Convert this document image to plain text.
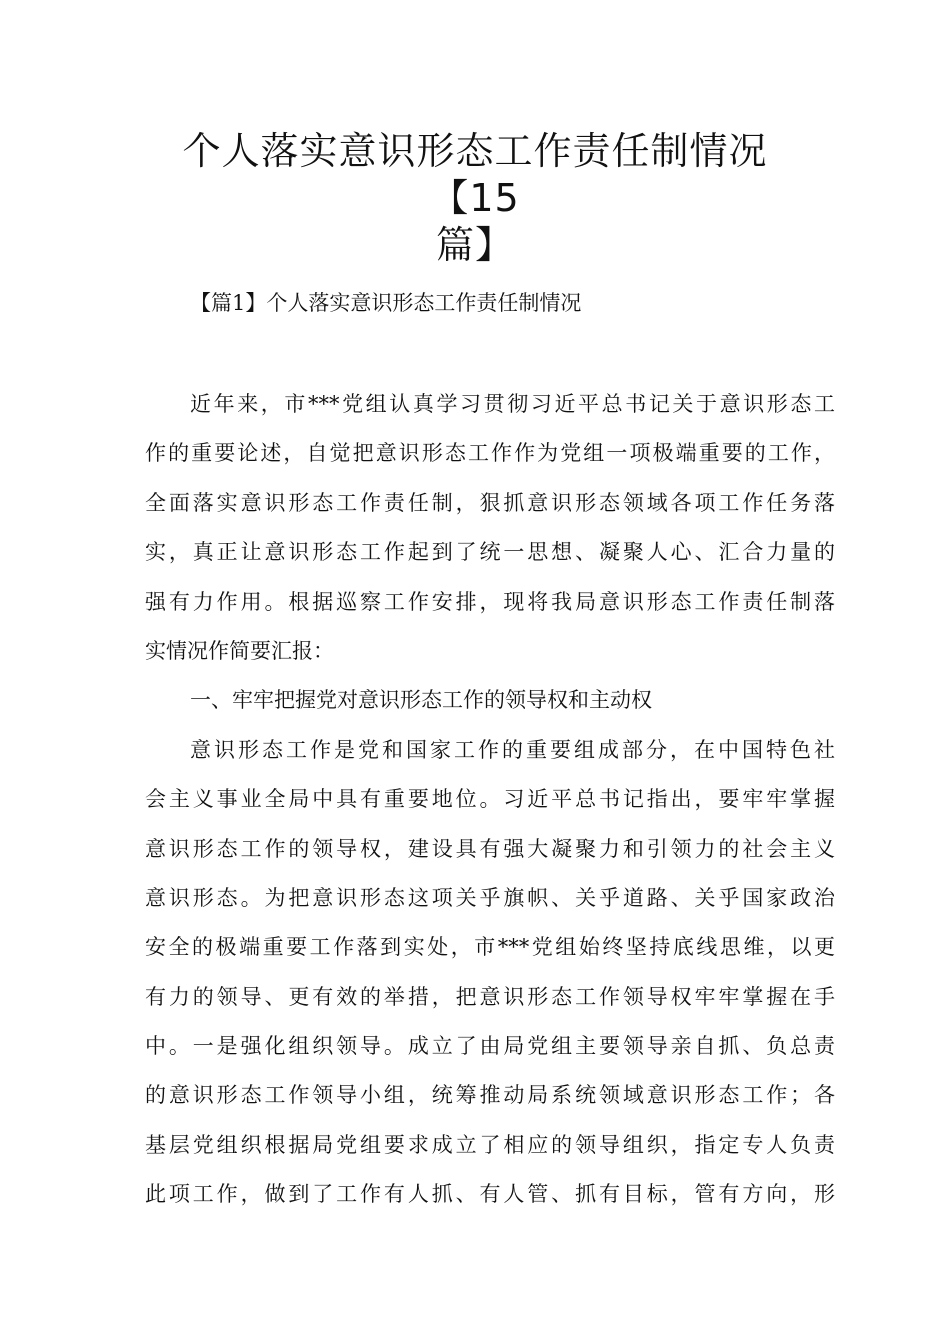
个人落实意识形态工作责任制情况【15
篇】
【篇1】个人落实意识形态工作责任制情况
近年来，市***党组认真学习贯彻习近平总书记关于意识形态工
作的重要论述，自觉把意识形态工作作为党组一项极端重要的工作，
全面落实意识形态工作责任制，狠抓意识形态领域各项工作任务落
实，真正让意识形态工作起到了统一思想、凝聚人心、汇合力量的
强有力作用。根据巡察工作安排，现将我局意识形态工作责任制落
实情况作简要汇报：
一、牢牢把握党对意识形态工作的领导权和主动权
意识形态工作是党和国家工作的重要组成部分，在中国特色社
会主义事业全局中具有重要地位。习近平总书记指出，要牢牢掌握
意识形态工作的领导权，建设具有强大凝聚力和引领力的社会主义
意识形态。为把意识形态这项关乎旗帜、关乎道路、关乎国家政治
安全的极端重要工作落到实处，市***党组始终坚持底线思维，以更
有力的领导、更有效的举措，把意识形态工作领导权牢牢掌握在手
中。一是强化组织领导。成立了由局党组主要领导亲自抓、负总责
的意识形态工作领导小组，统筹推动局系统领域意识形态工作；各
基层党组织根据局党组要求成立了相应的领导组织，指定专人负责
此项工作，做到了工作有人抓、有人管、抓有目标，管有方向，形
